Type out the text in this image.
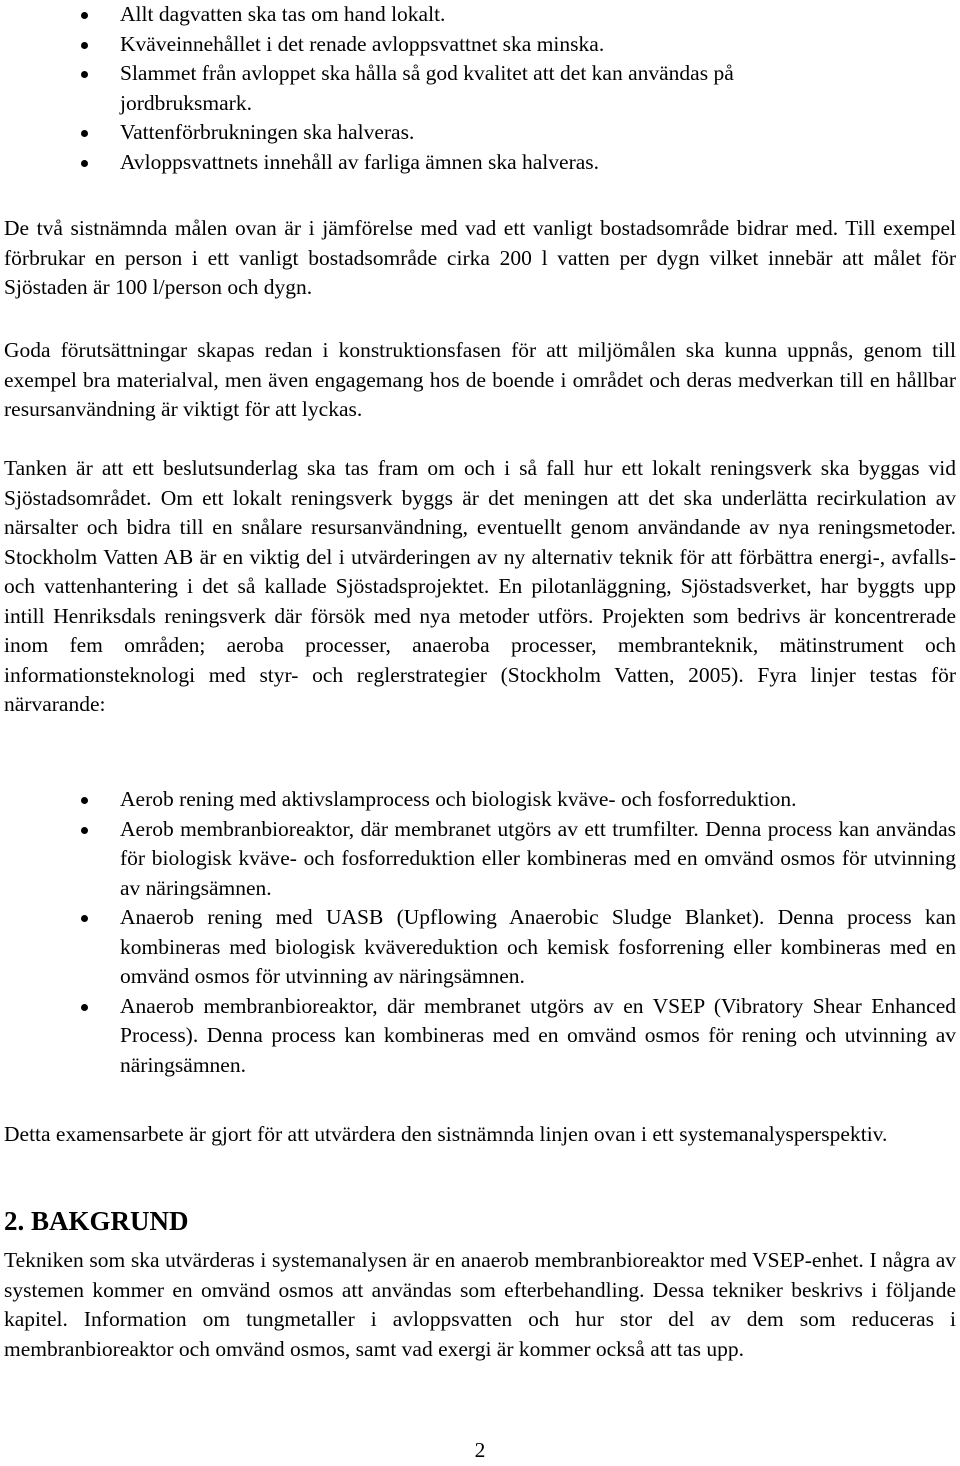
Allt dagvatten ska tas om hand lokalt.
Kväveinnehållet i det renade avloppsvattnet ska minska.
Slammet från avloppet ska hålla så god kvalitet att det kan användas på jordbruksmark.
Vattenförbrukningen ska halveras.
Avloppsvattnets innehåll av farliga ämnen ska halveras.

De två sistnämnda målen ovan är i jämförelse med vad ett vanligt bostadsområde bidrar med. Till exempel förbrukar en person i ett vanligt bostadsområde cirka 200 l vatten per dygn vilket innebär att målet för Sjöstaden är 100 l/person och dygn.

Goda förutsättningar skapas redan i konstruktionsfasen för att miljömålen ska kunna uppnås, genom till exempel bra materialval, men även engagemang hos de boende i området och deras medverkan till en hållbar resursanvändning är viktigt för att lyckas.

Tanken är att ett beslutsunderlag ska tas fram om och i så fall hur ett lokalt reningsverk ska byggas vid Sjöstadsområdet. Om ett lokalt reningsverk byggs är det meningen att det ska underlätta recirkulation av närsalter och bidra till en snålare resursanvändning, eventuellt genom användande av nya reningsmetoder. Stockholm Vatten AB är en viktig del i utvärderingen av ny alternativ teknik för att förbättra energi-, avfalls- och vattenhantering i det så kallade Sjöstadsprojektet. En pilotanläggning, Sjöstadsverket, har byggts upp intill Henriksdals reningsverk där försök med nya metoder utförs. Projekten som bedrivs är koncentrerade inom fem områden; aeroba processer, anaeroba processer, membranteknik, mätinstrument och informationsteknologi med styr- och reglerstrategier (Stockholm Vatten, 2005). Fyra linjer testas för närvarande:

Aerob rening med aktivslamprocess och biologisk kväve- och fosforreduktion.
Aerob membranbioreaktor, där membranet utgörs av ett trumfilter. Denna process kan användas för biologisk kväve- och fosforreduktion eller kombineras med en omvänd osmos för utvinning av näringsämnen.
Anaerob rening med UASB (Upflowing Anaerobic Sludge Blanket). Denna process kan kombineras med biologisk kvävereduktion och kemisk fosforrening eller kombineras med en omvänd osmos för utvinning av näringsämnen.
Anaerob membranbioreaktor, där membranet utgörs av en VSEP (Vibratory Shear Enhanced Process). Denna process kan kombineras med en omvänd osmos för rening och utvinning av näringsämnen.

Detta examensarbete är gjort för att utvärdera den sistnämnda linjen ovan i ett systemanalysperspektiv.

2. BAKGRUND

Tekniken som ska utvärderas i systemanalysen är en anaerob membranbioreaktor med VSEP-enhet. I några av systemen kommer en omvänd osmos att användas som efterbehandling. Dessa tekniker beskrivs i följande kapitel. Information om tungmetaller i avloppsvatten och hur stor del av dem som reduceras i membranbioreaktor och omvänd osmos, samt vad exergi är kommer också att tas upp.

2
